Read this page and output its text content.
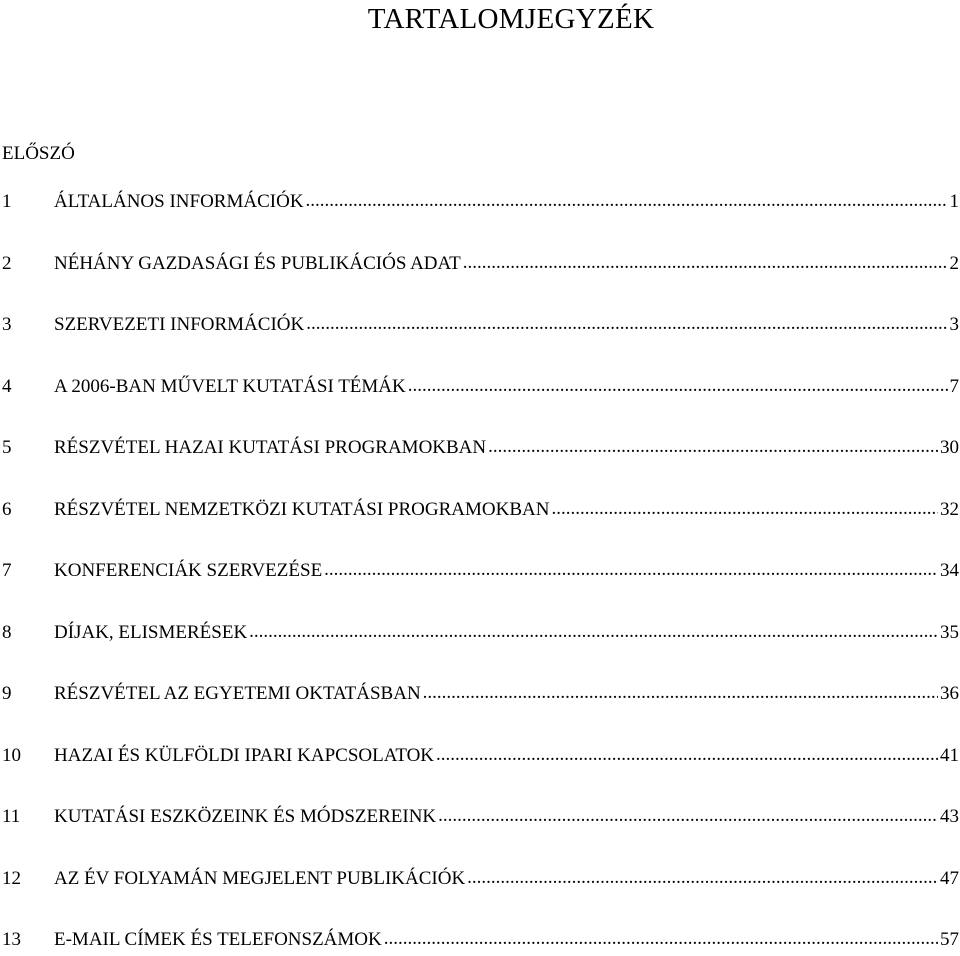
TARTALOMJEGYZÉK
ELŐSZÓ
1	ÁLTALÁNOS INFORMÁCIÓK .....	1
2	NÉHÁNY GAZDASÁGI ÉS PUBLIKÁCIÓS ADAT .....	2
3	SZERVEZETI INFORMÁCIÓK .....	3
4	A 2006-BAN MŰVELT KUTATÁSI TÉMÁK .....	7
5	RÉSZVÉTEL HAZAI KUTATÁSI PROGRAMOKBAN .....	30
6	RÉSZVÉTEL NEMZETKÖZI KUTATÁSI PROGRAMOKBAN .....	32
7	KONFERENCIÁK SZERVEZÉSE .....	34
8	DÍJAK, ELISMERÉSEK .....	35
9	RÉSZVÉTEL AZ EGYETEMI OKTATÁSBAN .....	36
10	HAZAI ÉS KÜLFÖLDI IPARI KAPCSOLATOK .....	41
11	KUTATÁSI ESZKÖZEINK ÉS MÓDSZEREINK .....	43
12	AZ ÉV FOLYAMÁN MEGJELENT PUBLIKÁCIÓK .....	47
13	E-MAIL CÍMEK ÉS TELEFONSZÁMOK .....	57
